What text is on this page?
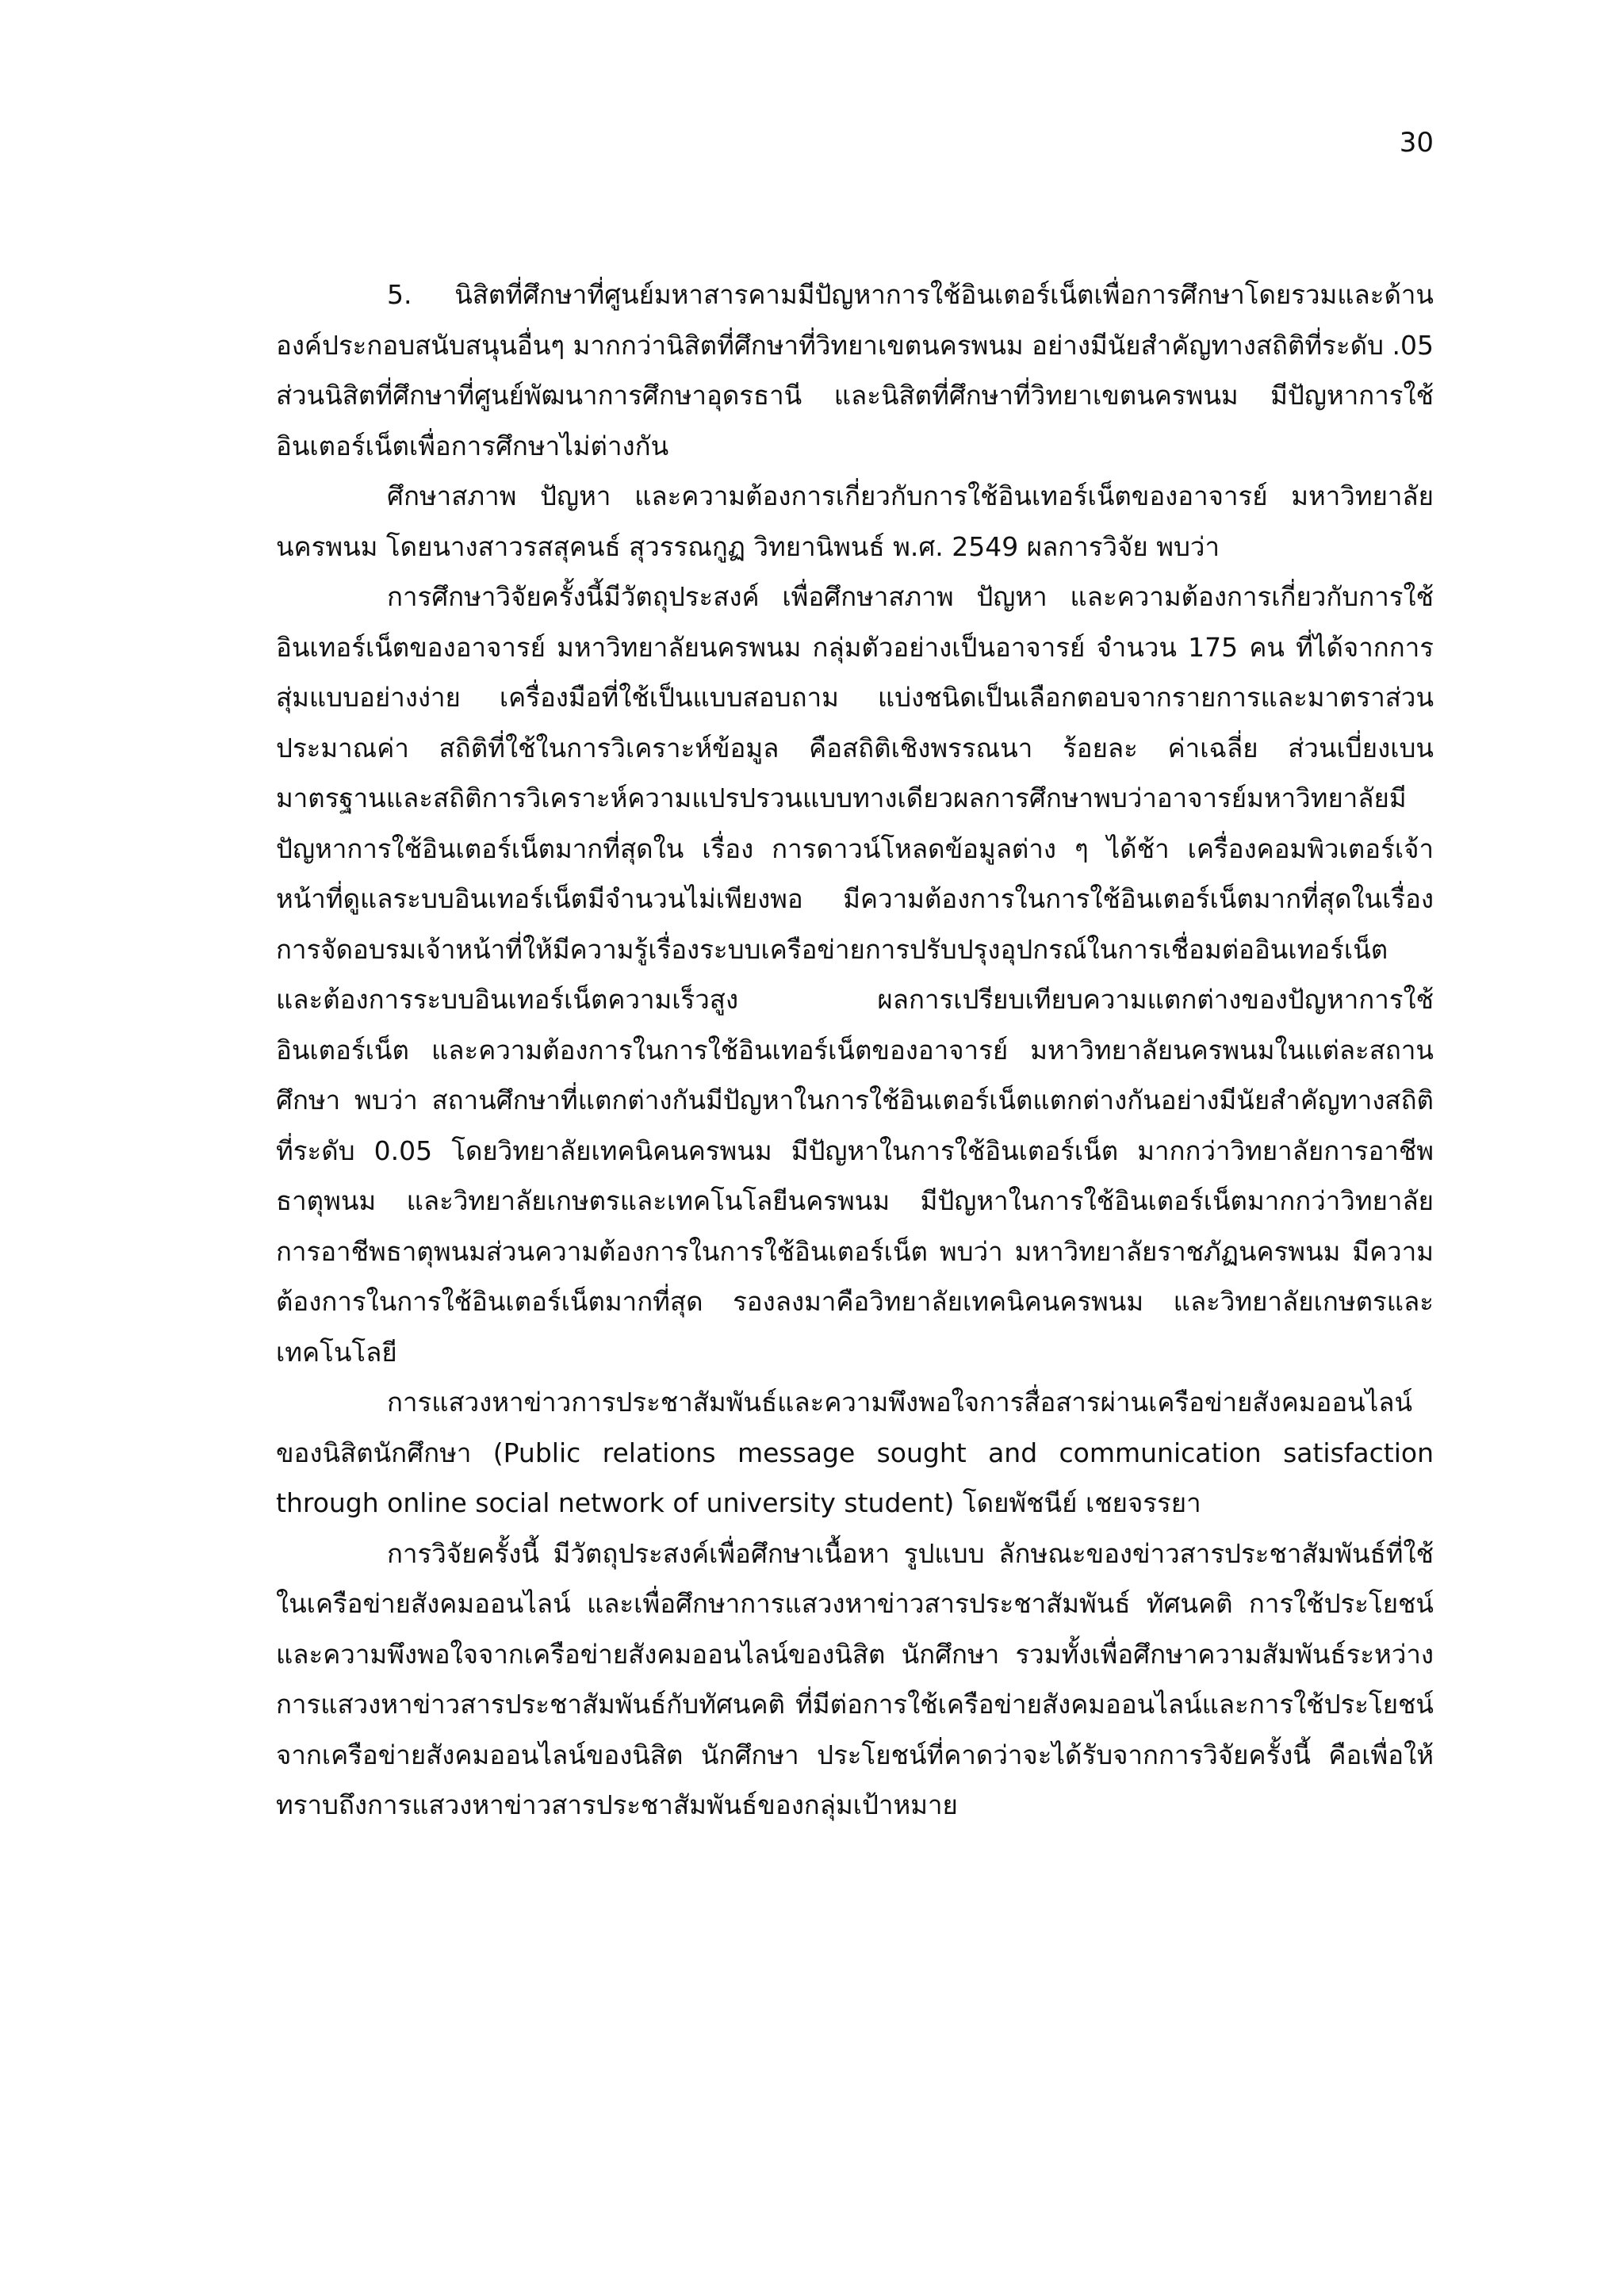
30

5. นิสิตที่ศึกษาที่ศูนย์มหาสารคามมีปัญหาการใช้อินเตอร์เน็ตเพื่อการศึกษาโดยรวมและด้านองค์ประกอบสนับสนุนอื่นๆ มากกว่านิสิตที่ศึกษาที่วิทยาเขตนครพนม อย่างมีนัยสำคัญทางสถิติที่ระดับ .05 ส่วนนิสิตที่ศึกษาที่ศูนย์พัฒนาการศึกษาอุดรธานี และนิสิตที่ศึกษาที่วิทยาเขตนครพนม มีปัญหาการใช้อินเตอร์เน็ตเพื่อการศึกษาไม่ต่างกัน

ศึกษาสภาพ ปัญหา และความต้องการเกี่ยวกับการใช้อินเทอร์เน็ตของอาจารย์ มหาวิทยาลัยนครพนม โดยนางสาวรสสุคนธ์ สุวรรณกูฏ วิทยานิพนธ์ พ.ศ. 2549 ผลการวิจัย พบว่า

การศึกษาวิจัยครั้งนี้มีวัตถุประสงค์ เพื่อศึกษาสภาพ ปัญหา และความต้องการเกี่ยวกับการใช้อินเทอร์เน็ตของอาจารย์ มหาวิทยาลัยนครพนม กลุ่มตัวอย่างเป็นอาจารย์ จำนวน 175 คน ที่ได้จากการสุ่มแบบอย่างง่าย เครื่องมือที่ใช้เป็นแบบสอบถาม แบ่งชนิดเป็นเลือกตอบจากรายการและมาตราส่วนประมาณค่า สถิติที่ใช้ในการวิเคราะห์ข้อมูล คือสถิติเชิงพรรณนา ร้อยละ ค่าเฉลี่ย ส่วนเบี่ยงเบนมาตรฐานและสถิติการวิเคราะห์ความแปรปรวนแบบทางเดียวผลการศึกษาพบว่าอาจารย์มหาวิทยาลัยมีปัญหาการใช้อินเตอร์เน็ตมากที่สุดใน เรื่อง การดาวน์โหลดข้อมูลต่าง ๆ ได้ช้า เครื่องคอมพิวเตอร์เจ้าหน้าที่ดูแลระบบอินเทอร์เน็ตมีจำนวนไม่เพียงพอ มีความต้องการในการใช้อินเตอร์เน็ตมากที่สุดในเรื่อง การจัดอบรมเจ้าหน้าที่ให้มีความรู้เรื่องระบบเครือข่ายการปรับปรุงอุปกรณ์ในการเชื่อมต่ออินเทอร์เน็ตและต้องการระบบอินเทอร์เน็ตความเร็วสูง ผลการเปรียบเทียบความแตกต่างของปัญหาการใช้อินเตอร์เน็ต และความต้องการในการใช้อินเทอร์เน็ตของอาจารย์ มหาวิทยาลัยนครพนมในแต่ละสถานศึกษา พบว่า สถานศึกษาที่แตกต่างกันมีปัญหาในการใช้อินเตอร์เน็ตแตกต่างกันอย่างมีนัยสำคัญทางสถิติที่ระดับ 0.05 โดยวิทยาลัยเทคนิคนครพนม มีปัญหาในการใช้อินเตอร์เน็ต มากกว่าวิทยาลัยการอาชีพธาตุพนม และวิทยาลัยเกษตรและเทคโนโลยีนครพนม มีปัญหาในการใช้อินเตอร์เน็ตมากกว่าวิทยาลัยการอาชีพธาตุพนมส่วนความต้องการในการใช้อินเตอร์เน็ต พบว่า มหาวิทยาลัยราชภัฏนครพนม มีความต้องการในการใช้อินเตอร์เน็ตมากที่สุด รองลงมาคือวิทยาลัยเทคนิคนครพนม และวิทยาลัยเกษตรและเทคโนโลยี

การแสวงหาข่าวการประชาสัมพันธ์และความพึงพอใจการสื่อสารผ่านเครือข่ายสังคมออนไลน์ของนิสิตนักศึกษา (Public relations message sought and communication satisfaction through online social network of university student) โดยพัชนีย์ เชยจรรยา

การวิจัยครั้งนี้ มีวัตถุประสงค์เพื่อศึกษาเนื้อหา รูปแบบ ลักษณะของข่าวสารประชาสัมพันธ์ที่ใช้ในเครือข่ายสังคมออนไลน์ และเพื่อศึกษาการแสวงหาข่าวสารประชาสัมพันธ์ ทัศนคติ การใช้ประโยชน์และความพึงพอใจจากเครือข่ายสังคมออนไลน์ของนิสิต นักศึกษา รวมทั้งเพื่อศึกษาความสัมพันธ์ระหว่างการแสวงหาข่าวสารประชาสัมพันธ์กับทัศนคติ ที่มีต่อการใช้เครือข่ายสังคมออนไลน์และการใช้ประโยชน์จากเครือข่ายสังคมออนไลน์ของนิสิต นักศึกษา ประโยชน์ที่คาดว่าจะได้รับจากการวิจัยครั้งนี้ คือเพื่อให้ทราบถึงการแสวงหาข่าวสารประชาสัมพันธ์ของกลุ่มเป้าหมาย
